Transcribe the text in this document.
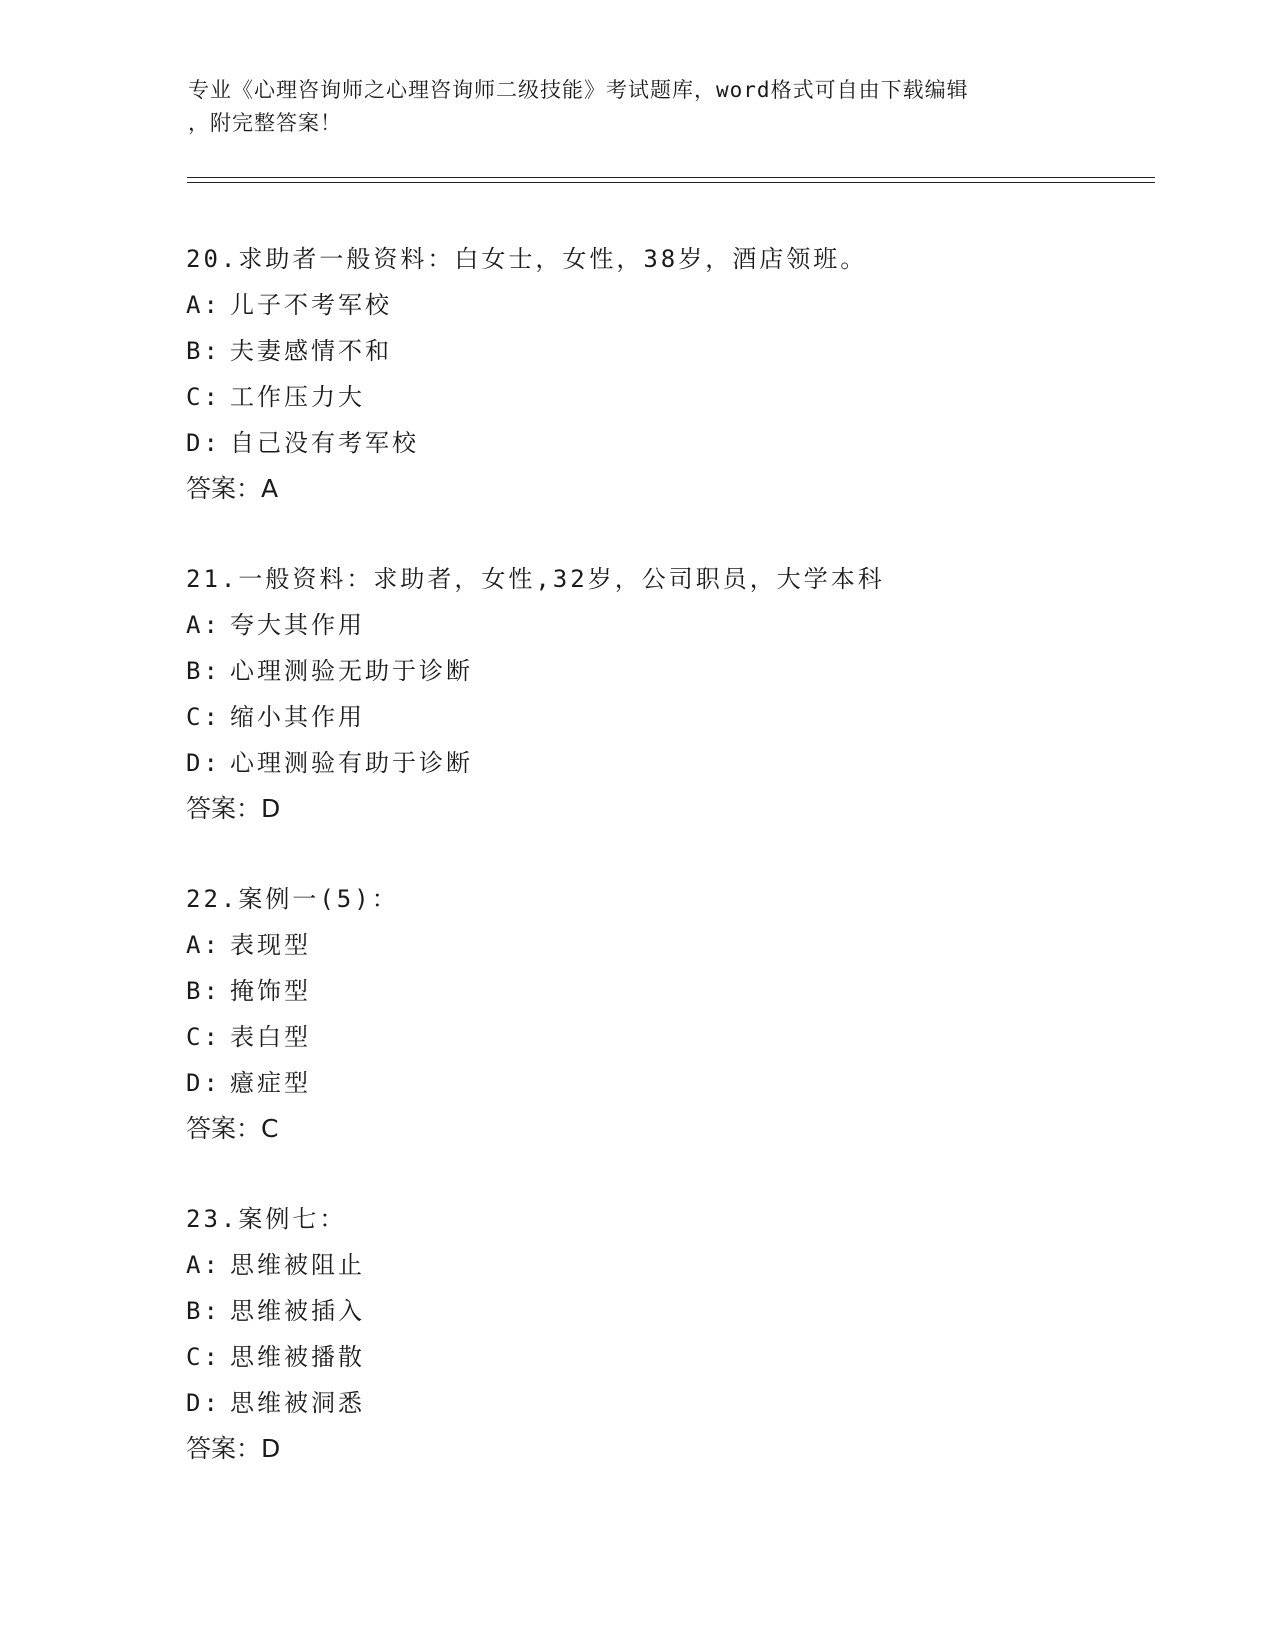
专业《心理咨询师之心理咨询师二级技能》考试题库，word格式可自由下载编辑
，附完整答案！
20.求助者一般资料：白女士，女性，38岁，酒店领班。
A: 儿子不考军校
B: 夫妻感情不和
C: 工作压力大
D: 自己没有考军校
答案：A
21.一般资料：求助者，女性,32岁，公司职员，大学本科
A: 夸大其作用
B: 心理测验无助于诊断
C: 缩小其作用
D: 心理测验有助于诊断
答案：D
22.案例一(5)：
A: 表现型
B: 掩饰型
C: 表白型
D: 癔症型
答案：C
23.案例七：
A: 思维被阻止
B: 思维被插入
C: 思维被播散
D: 思维被洞悉
答案：D
